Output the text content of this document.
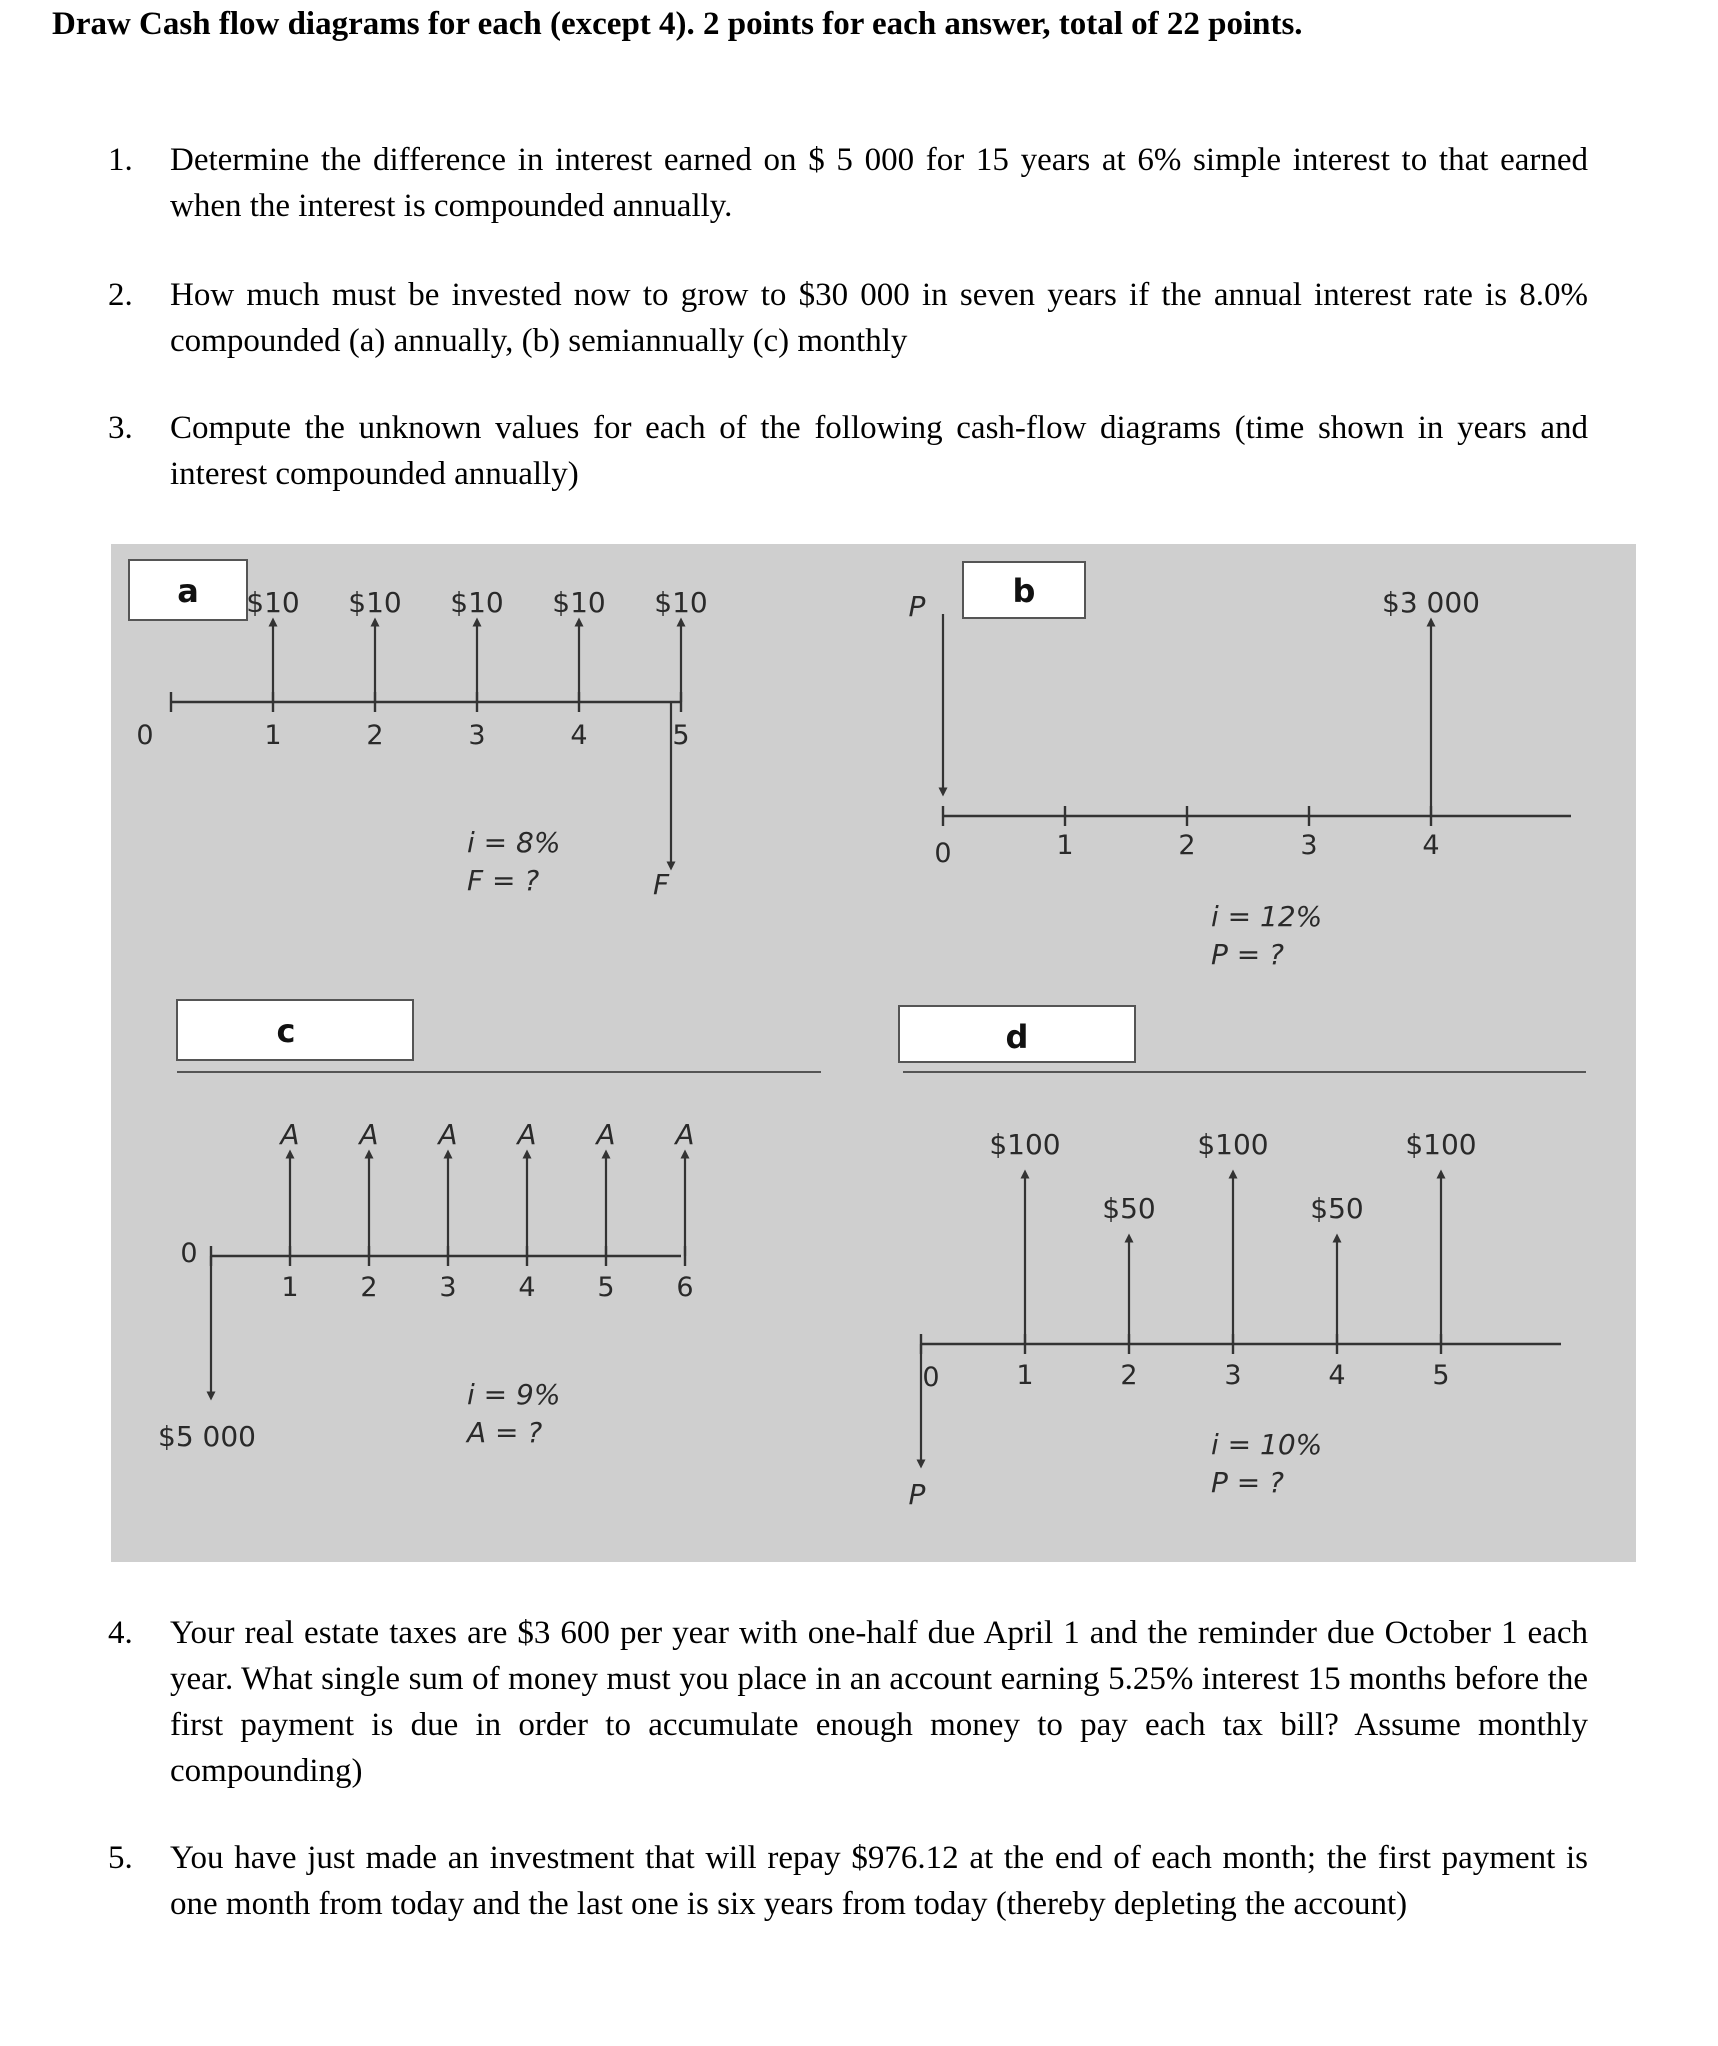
Draw Cash flow diagrams for each (except 4). 2 points for each answer, total of 22 points.
1. Determine the difference in interest earned on $ 5 000 for 15 years at 6% simple interest to that earned when the interest is compounded annually.
2. How much must be invested now to grow to $30 000 in seven years if the annual interest rate is 8.0% compounded (a) annually, (b) semiannually (c) monthly
3. Compute the unknown values for each of the following cash-flow diagrams (time shown in years and interest compounded annually)
a
0	1	2	3	4	5
$10 $10 $10 $10 $10
F
i = 8%
F = ?
b
0	1	2	3	4
$3 000
P
i = 12%
P = ?
c
0
1 2 3 4 5 6
A A A A A A
$5 000
i = 9%
A = ?
d
0	1	2	3	4	5
$100
$50
$100
$50
$100
P
i = 10%
P = ?
4. Your real estate taxes are $3 600 per year with one-half due April 1 and the reminder due October 1 each year. What single sum of money must you place in an account earning 5.25% interest 15 months before the first payment is due in order to accumulate enough money to pay each tax bill? Assume monthly compounding)
5. You have just made an investment that will repay $976.12 at the end of each month; the first payment is one month from today and the last one is six years from today (thereby depleting the account)
